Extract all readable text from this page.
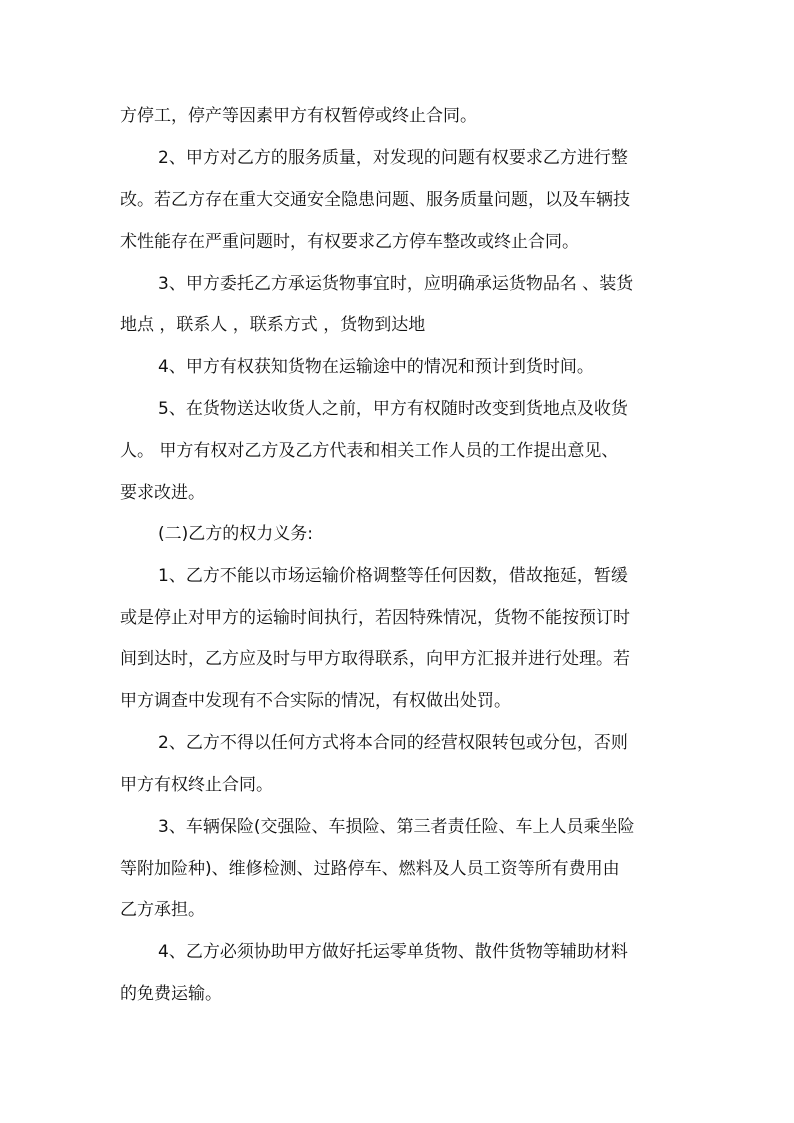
方停工，停产等因素甲方有权暂停或终止合同。
2、甲方对乙方的服务质量，对发现的问题有权要求乙方进行整
改。若乙方存在重大交通安全隐患问题、服务质量问题，以及车辆技
术性能存在严重问题时，有权要求乙方停车整改或终止合同。
3、甲方委托乙方承运货物事宜时，应明确承运货物品名 、装货
地点 ，联系人 ，联系方式 ，货物到达地
4、甲方有权获知货物在运输途中的情况和预计到货时间。
5、在货物送达收货人之前，甲方有权随时改变到货地点及收货
人。 甲方有权对乙方及乙方代表和相关工作人员的工作提出意见、
要求改进。
(二)乙方的权力义务:
1、乙方不能以市场运输价格调整等任何因数，借故拖延，暂缓
或是停止对甲方的运输时间执行，若因特殊情况，货物不能按预订时
间到达时，乙方应及时与甲方取得联系，向甲方汇报并进行处理。若
甲方调查中发现有不合实际的情况，有权做出处罚。
2、乙方不得以任何方式将本合同的经营权限转包或分包，否则
甲方有权终止合同。
3、车辆保险(交强险、车损险、第三者责任险、车上人员乘坐险
等附加险种)、维修检测、过路停车、燃料及人员工资等所有费用由
乙方承担。
4、乙方必须协助甲方做好托运零单货物、散件货物等辅助材料
的免费运输。
